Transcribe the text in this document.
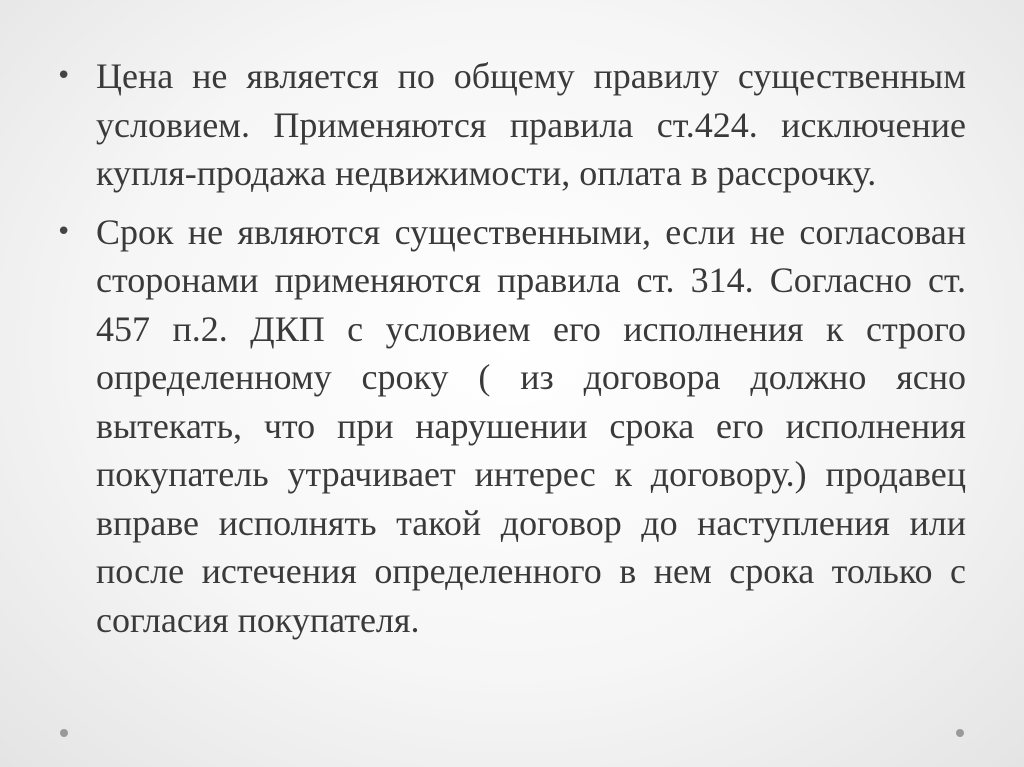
• Цена не является по общему правилу существенным условием. Применяются правила ст.424. исключение купля-продажа недвижимости, оплата в рассрочку.
• Срок не являются существенными, если не согласован сторонами применяются правила ст. 314. Согласно ст. 457 п.2. ДКП с условием его исполнения к строго определенному сроку ( из договора должно ясно вытекать, что при нарушении срока его исполнения покупатель утрачивает интерес к договору.) продавец вправе исполнять такой договор до наступления или после истечения определенного в нем срока только с согласия покупателя.
